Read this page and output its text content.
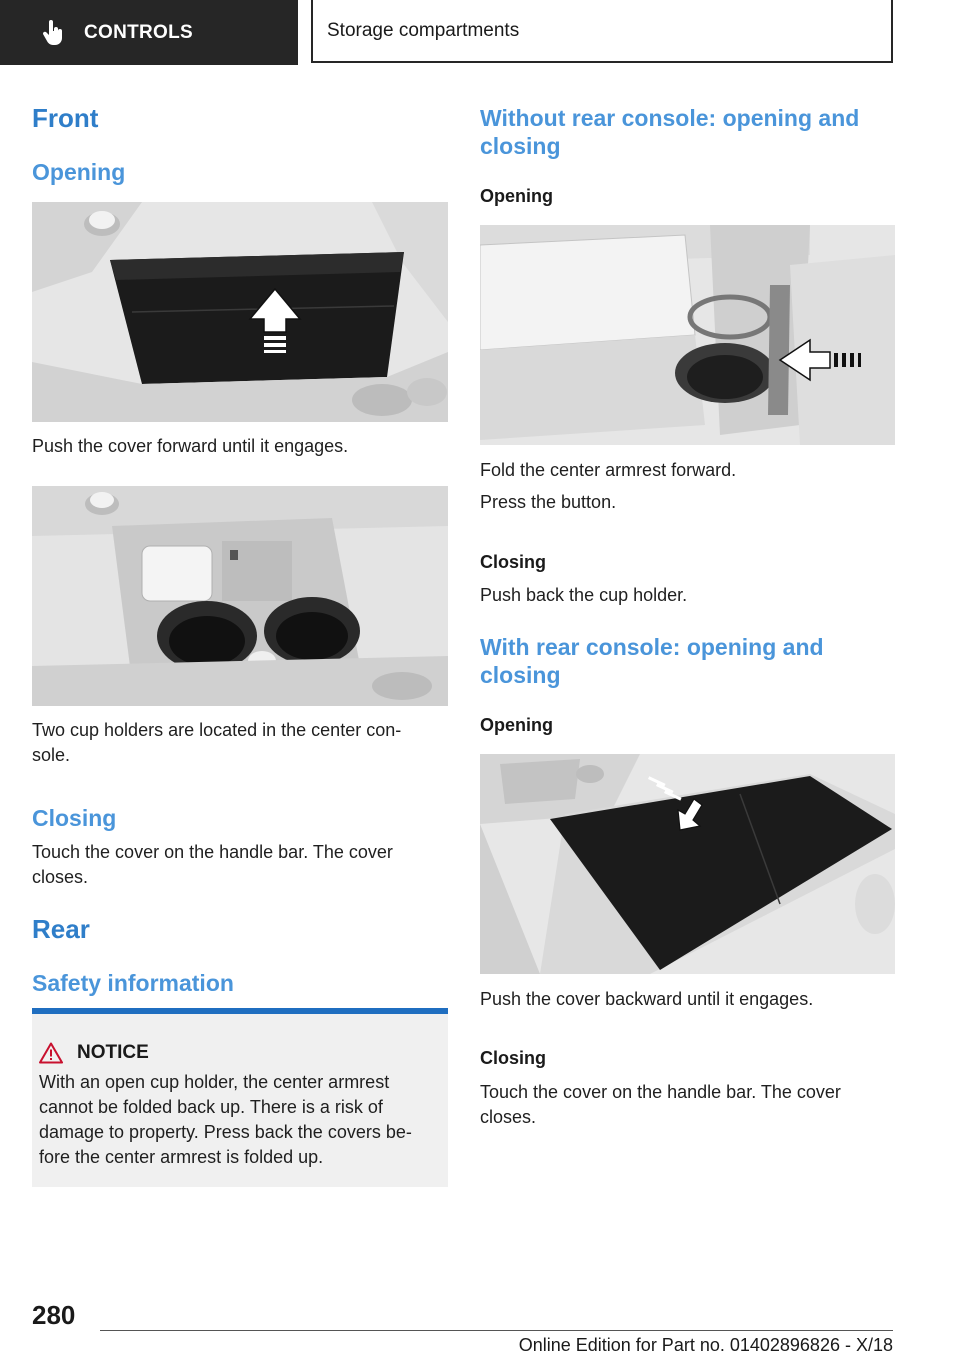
CONTROLS	Storage compartments
Front
Opening

Push the cover forward until it engages.

Two cup holders are located in the center con-

sole.

Closing

Touch the cover on the handle bar. The cover

closes.

Rear
Safety information
NOTICE

With an open cup holder, the center armrest

cannot be folded back up. There is a risk of

damage to property. Press back the covers be-

fore the center armrest is folded up.

Without rear console: opening and
closing
Opening

Fold the center armrest forward.

Press the button.

Closing

Push back the cup holder.

With rear console: opening and
closing
Opening

Push the cover backward until it engages.

Closing

Touch the cover on the handle bar. The cover

closes.

280
Online Edition for Part no. 01402896826 - X/18
